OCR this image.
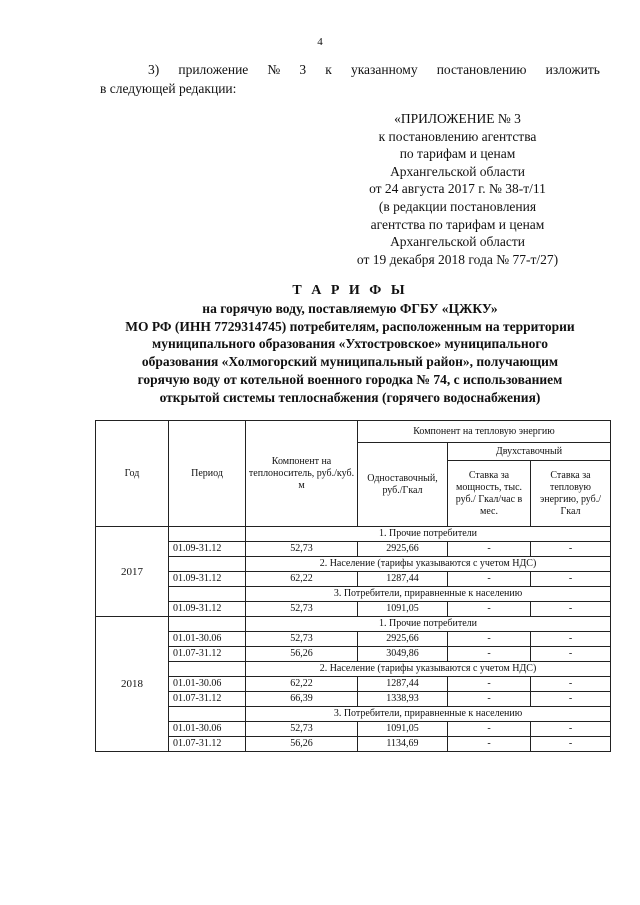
4
3) приложение № 3 к указанному постановлению изложить
в следующей редакции:
«ПРИЛОЖЕНИЕ № 3
к постановлению агентства
по тарифам и ценам
Архангельской области
от 24 августа 2017 г. № 38-т/11
(в редакции постановления
агентства по тарифам и ценам
Архангельской области
от 19 декабря 2018 года № 77-т/27)
Т А Р И Ф Ы
на горячую воду, поставляемую ФГБУ «ЦЖКУ»
МО РФ (ИНН 7729314745) потребителям, расположенным на территории
муниципального образования «Ухтостровское» муниципального
образования «Холмогорский муниципальный район», получающим
горячую воду от котельной военного городка № 74, с использованием
открытой системы теплоснабжения (горячего водоснабжения)
Год	Период	Компонент на теплоноситель, руб./куб. м	Компонент на тепловую энергию		
			Одноставочный, руб./Гкал	Двухставочный	
				Ставка за мощность, тыс. руб./ Гкал/час в мес.	Ставка за тепловую энергию, руб./Гкал
2017		1. Прочие потребители			
	01.09-31.12	52,73	2925,66	-	-
		2. Население (тарифы указываются с учетом НДС)			
	01.09-31.12	62,22	1287,44	-	-
		3. Потребители, приравненные к населению			
	01.09-31.12	52,73	1091,05	-	-
2018		1. Прочие потребители			
	01.01-30.06	52,73	2925,66	-	-
	01.07-31.12	56,26	3049,86	-	-
		2. Население (тарифы указываются с учетом НДС)			
	01.01-30.06	62,22	1287,44	-	-
	01.07-31.12	66,39	1338,93	-	-
		3. Потребители, приравненные к населению			
	01.01-30.06	52,73	1091,05	-	-
	01.07-31.12	56,26	1134,69	-	-
